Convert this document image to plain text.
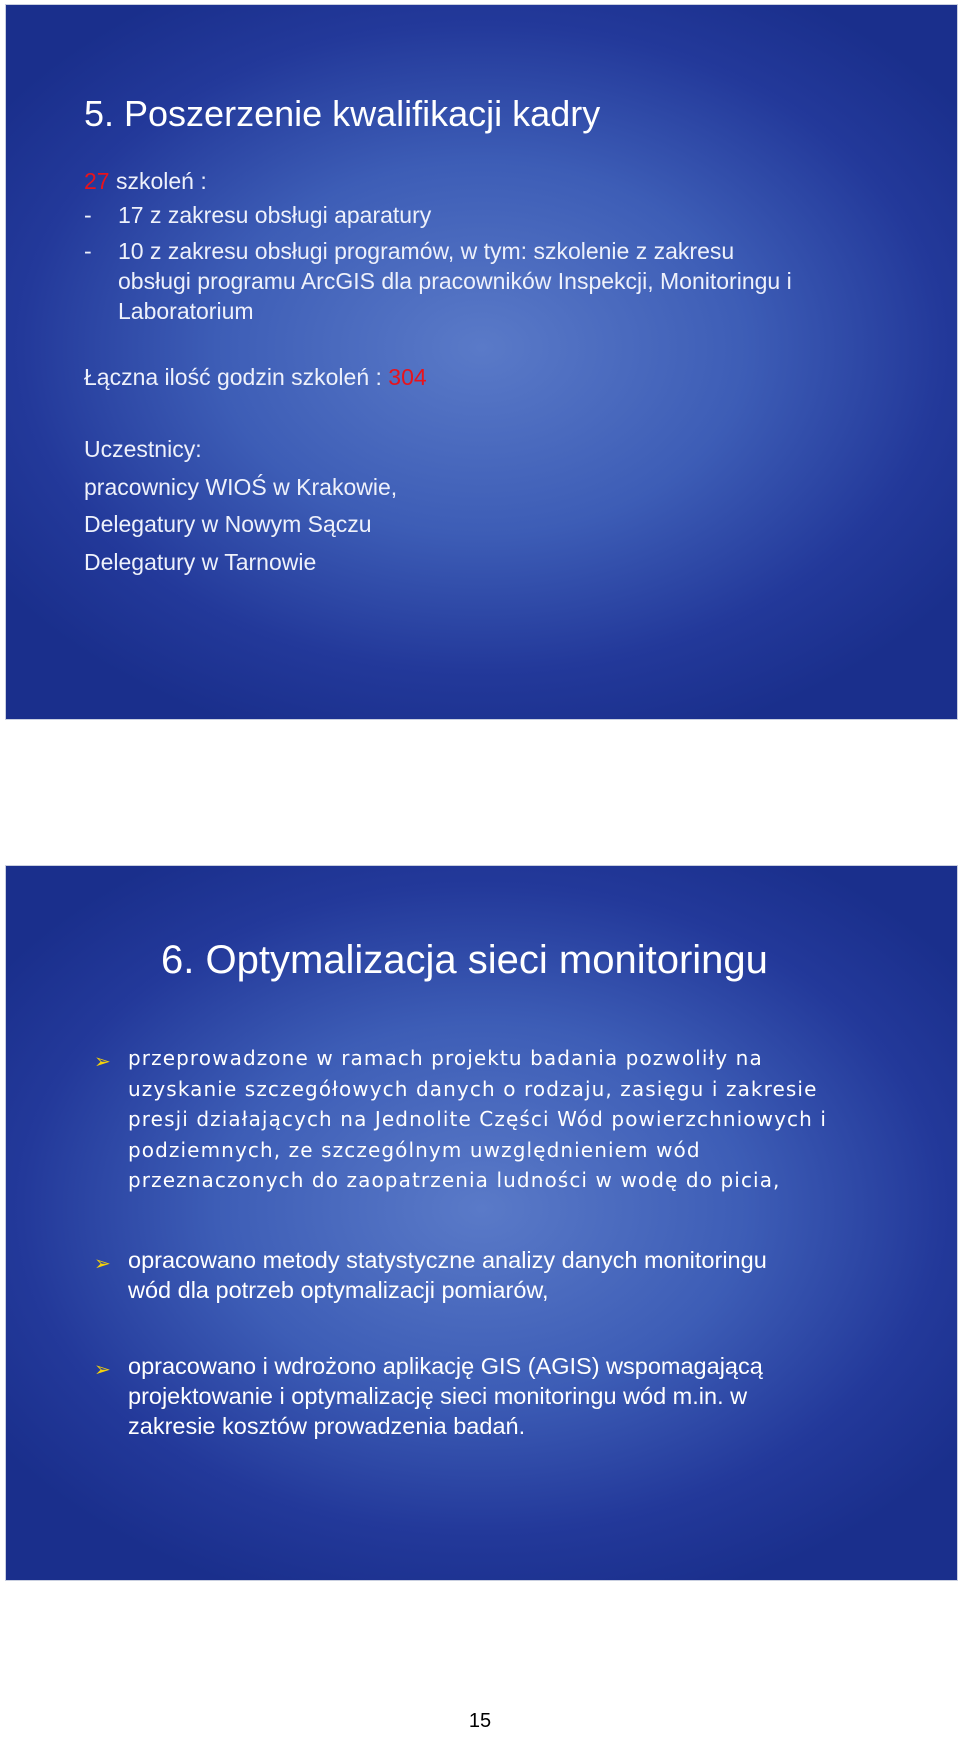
5. Poszerzenie kwalifikacji kadry

27 szkoleń :

- 17 z zakresu obsługi aparatury

- 10 z zakresu obsługi programów, w tym: szkolenie z zakresu

obsługi programu ArcGIS dla pracowników Inspekcji, Monitoringu i

Laboratorium

Łączna ilość godzin szkoleń : 304

Uczestnicy:

pracownicy WIOŚ w Krakowie,

Delegatury w Nowym Sączu

Delegatury w Tarnowie

6. Optymalizacja sieci monitoringu
➢ przeprowadzone w ramach projektu badania pozwoliły na
uzyskanie szczegółowych danych o rodzaju, zasięgu i zakresie
presji działających na Jednolite Części Wód powierzchniowych i
podziemnych, ze szczególnym uwzględnieniem wód
przeznaczonych do zaopatrzenia ludności w wodę do picia,
➢ opracowano metody statystyczne analizy danych monitoringu
wód dla potrzeb optymalizacji pomiarów,
➢ opracowano i wdrożono aplikację GIS (AGIS) wspomagającą
projektowanie i optymalizację sieci monitoringu wód m.in. w
zakresie kosztów prowadzenia badań.
15
